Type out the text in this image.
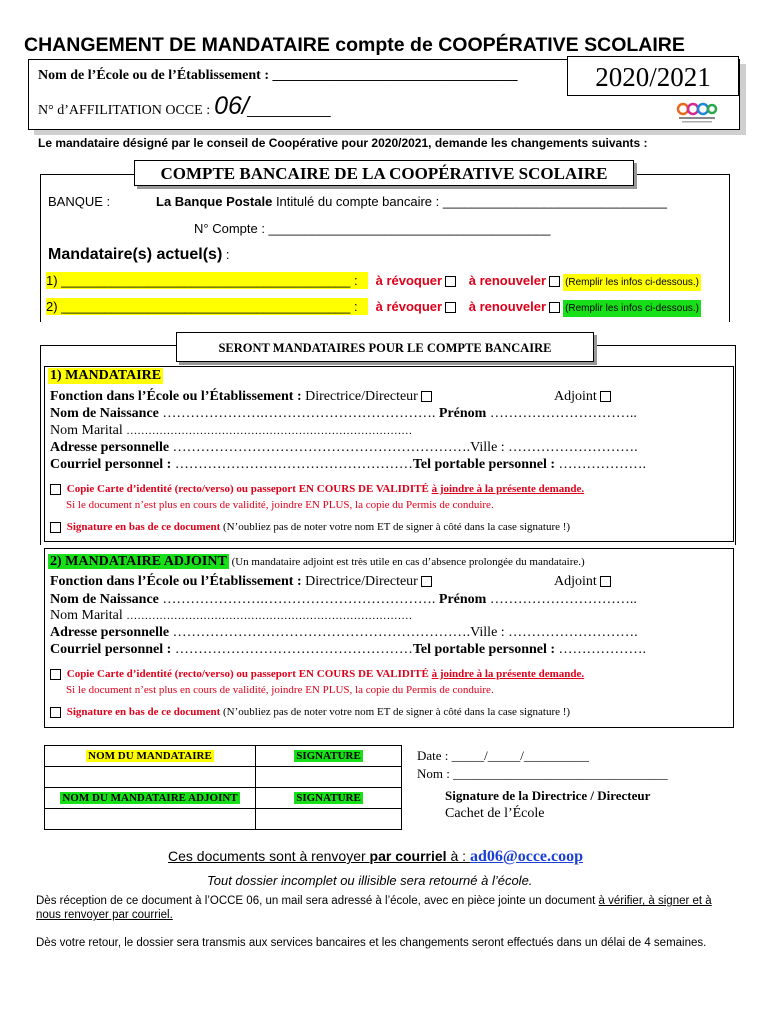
CHANGEMENT DE MANDATAIRE compte de COOPÉRATIVE SCOLAIRE
Nom de l’École ou de l’Établissement : ___________________________________
N° d’AFFILITATION OCCE : 06/______
2020/2021
Le mandataire désigné par le conseil de Coopérative pour 2020/2021, demande les changements suivants :
COMPTE BANCAIRE DE LA COOPÉRATIVE SCOLAIRE
BANQUE :	La Banque Postale Intitulé du compte bancaire : _______________________________
N° Compte : _______________________________________
Mandataire(s) actuel(s) :
1) ________________________________________ : à révoquer à renouveler (Remplir les infos ci-dessous.)
2) ________________________________________ : à révoquer à renouveler (Remplir les infos ci-dessous.)
SERONT MANDATAIRES POUR LE COMPTE BANCAIRE
1) MANDATAIRE
Fonction dans l’École ou l’Établissement : Directrice/Directeur	Adjoint
Nom de Naissance ………………….………………………………. Prénom …………………………..
Nom Marital ……………………………………………………………………
Adresse personnelle ……………………………………………………….Ville : ……………………….
Courriel personnel : ……………………………………………Tel portable personnel : ……………….
Copie Carte d’identité (recto/verso) ou passeport EN COURS DE VALIDITÉ à joindre à la présente demande.
Si le document n’est plus en cours de validité, joindre EN PLUS, la copie du Permis de conduire.
Signature en bas de ce document (N’oubliez pas de noter votre nom ET de signer à côté dans la case signature !)
2) MANDATAIRE ADJOINT (Un mandataire adjoint est très utile en cas d’absence prolongée du mandataire.)
Fonction dans l’École ou l’Établissement : Directrice/Directeur	Adjoint
Nom de Naissance ………………….………………………………. Prénom …………………………..
Nom Marital ……………………………………………………………………
Adresse personnelle ……………………………………………………….Ville : ……………………….
Courriel personnel : ……………………………………………Tel portable personnel : ……………….
Copie Carte d’identité (recto/verso) ou passeport EN COURS DE VALIDITÉ à joindre à la présente demande.
Si le document n’est plus en cours de validité, joindre EN PLUS, la copie du Permis de conduire.
Signature en bas de ce document (N’oubliez pas de noter votre nom ET de signer à côté dans la case signature !)
NOM DU MANDATAIRE	SIGNATURE

NOM DU MANDATAIRE ADJOINT	SIGNATURE

Date : _____/_____/__________
Nom : _________________________________
Signature de la Directrice / Directeur
Cachet de l’École
Ces documents sont à renvoyer par courriel à : ad06@occe.coop
Tout dossier incomplet ou illisible sera retourné à l’école.
Dès réception de ce document à l’OCCE 06, un mail sera adressé à l’école, avec en pièce jointe un document à vérifier, à signer et à nous renvoyer par courriel.
Dès votre retour, le dossier sera transmis aux services bancaires et les changements seront effectués dans un délai de 4 semaines.
